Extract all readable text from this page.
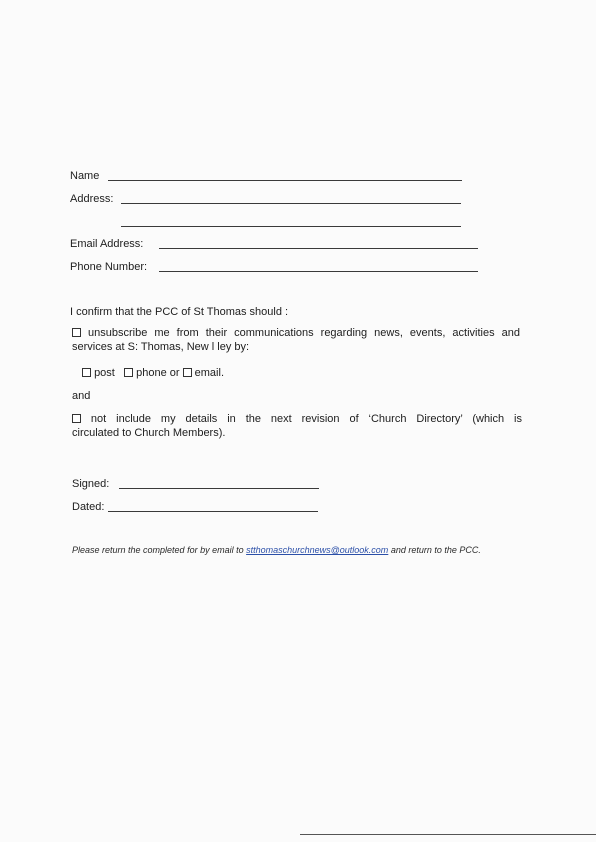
Name
Address:
Email Address:
Phone Number:
I confirm that the PCC of St Thomas should :
unsubscribe me from their communications regarding news, events, activities and
services at S: Thomas, New l ley by:
post phone or email.
and
not include my details in the next revision of ‘Church Directory’ (which is
circulated to Church Members).
Signed:
Dated:
Please return the completed for by email to stthomaschurchnews@outlook.com and return to the PCC.
